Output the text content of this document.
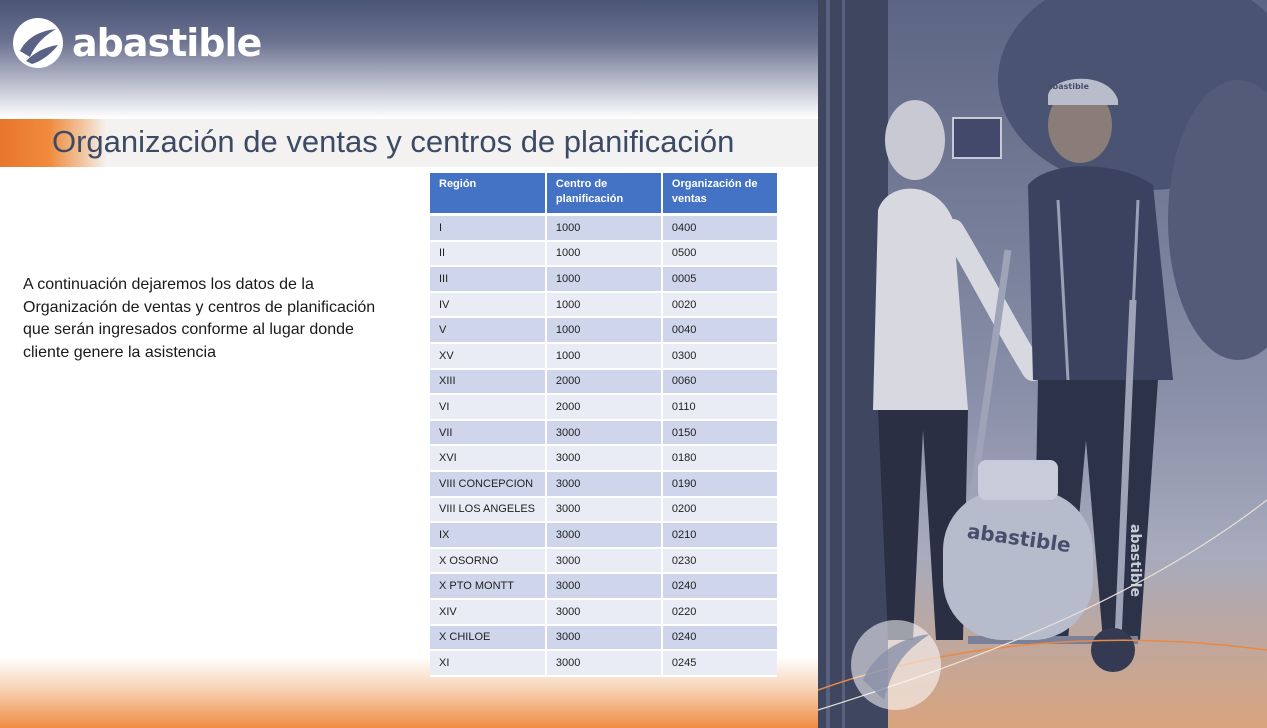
abastible
Organización de ventas y centros de planificación
A continuación dejaremos los datos de la Organización de ventas y centros de planificación que serán ingresados conforme al lugar donde cliente genere la asistencia
Región	Centro de planificación	Organización de ventas
I	1000	0400
II	1000	0500
III	1000	0005
IV	1000	0020
V	1000	0040
XV	1000	0300
XIII	2000	0060
VI	2000	0110
VII	3000	0150
XVI	3000	0180
VIII CONCEPCION	3000	0190
VIII LOS ANGELES	3000	0200
IX	3000	0210
X OSORNO	3000	0230
X PTO MONTT	3000	0240
XIV	3000	0220
X CHILOE	3000	0240
XI	3000	0245
abastible
abastible
abastible
